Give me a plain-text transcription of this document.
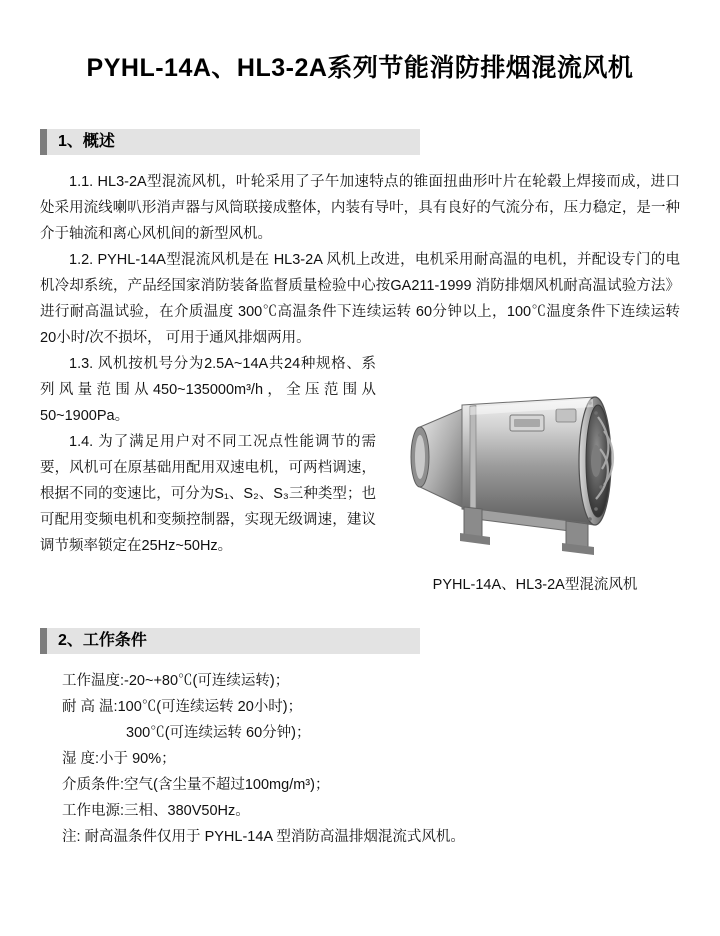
PYHL-14A、HL3-2A系列节能消防排烟混流风机
1、概述

1.1. HL3-2A型混流风机，叶轮采用了子午加速特点的锥面扭曲形叶片在轮毂上焊接而成，进口处采用流线喇叭形消声器与风筒联接成整体，内装有导叶，具有良好的气流分布，压力稳定，是一种介于轴流和离心风机间的新型风机。

1.2. PYHL-14A型混流风机是在 HL3-2A 风机上改进，电机采用耐高温的电机，并配设专门的电机冷却系统，产品经国家消防装备监督质量检验中心按GA211-1999 消防排烟风机耐高温试验方法》进行耐高温试验，在介质温度 300℃高温条件下连续运转 60分钟以上，100℃温度条件下连续运转 20小时/次不损坏， 可用于通风排烟两用。

PYHL-14A、HL3-2A型混流风机

1.3. 风机按机号分为2.5A~14A共24种规格、系列风量范围从450~135000m³/h，全压范围从50~1900Pa。

1.4. 为了满足用户对不同工况点性能调节的需要，风机可在原基础用配用双速电机，可两档调速，根据不同的变速比，可分为S₁、S₂、S₃三种类型；也可配用变频电机和变频控制器，实现无级调速，建议调节频率锁定在25Hz~50Hz。

2、工作条件
工作温度:-20~+80℃(可连续运转)；
耐 高 温:100℃(可连续运转 20小时)；
300℃(可连续运转 60分钟)；
湿 度:小于 90%；
介质条件:空气(含尘量不超过100mg/m³)；
工作电源:三相、380V50Hz。
注: 耐高温条件仅用于 PYHL-14A 型消防高温排烟混流式风机。
